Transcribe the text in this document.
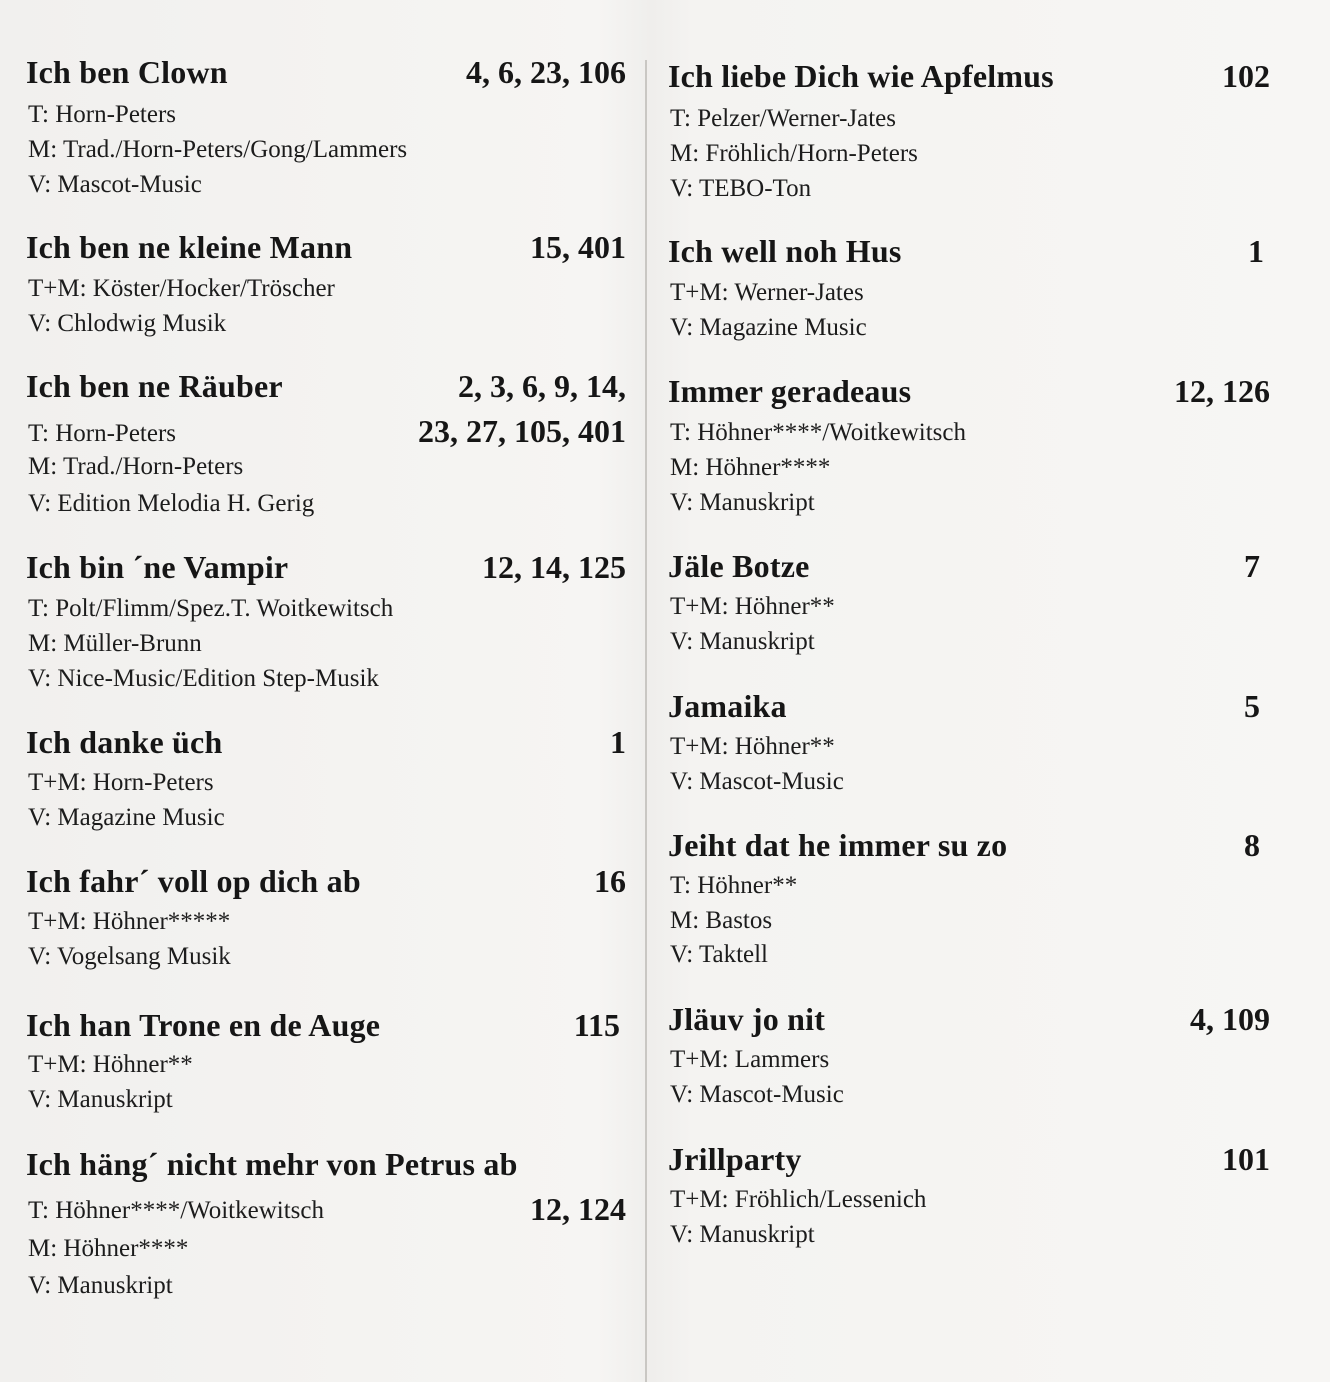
Ich ben Clown	4, 6, 23, 106
T: Horn-Peters
M: Trad./Horn-Peters/Gong/Lammers
V: Mascot-Music
Ich ben ne kleine Mann	15, 401
T+M: Köster/Hocker/Tröscher
V: Chlodwig Musik
Ich ben ne Räuber	2, 3, 6, 9, 14,
23, 27, 105, 401
T: Horn-Peters
M: Trad./Horn-Peters
V: Edition Melodia H. Gerig
Ich bin ´ne Vampir	12, 14, 125
T: Polt/Flimm/Spez.T. Woitkewitsch
M: Müller-Brunn
V: Nice-Music/Edition Step-Musik
Ich danke üch	1
T+M: Horn-Peters
V: Magazine Music
Ich fahr´ voll op dich ab	16
T+M: Höhner*****
V: Vogelsang Musik
Ich han Trone en de Auge	115
T+M: Höhner**
V: Manuskript
Ich häng´ nicht mehr von Petrus ab
12, 124
T: Höhner****/Woitkewitsch
M: Höhner****
V: Manuskript
Ich liebe Dich wie Apfelmus	102
T: Pelzer/Werner-Jates
M: Fröhlich/Horn-Peters
V: TEBO-Ton
Ich well noh Hus	1
T+M: Werner-Jates
V: Magazine Music
Immer geradeaus	12, 126
T: Höhner****/Woitkewitsch
M: Höhner****
V: Manuskript
Jäle Botze	7
T+M: Höhner**
V: Manuskript
Jamaika	5
T+M: Höhner**
V: Mascot-Music
Jeiht dat he immer su zo	8
T: Höhner**
M: Bastos
V: Taktell
Jläuv jo nit	4, 109
T+M: Lammers
V: Mascot-Music
Jrillparty	101
T+M: Fröhlich/Lessenich
V: Manuskript
